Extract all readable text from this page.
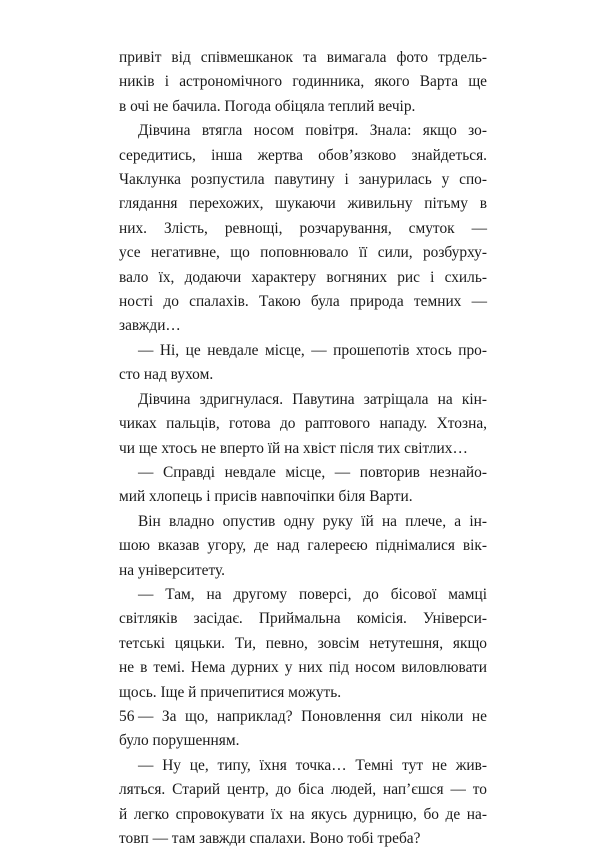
привіт від співмешканок та вимагала фото трдель-
ників і астрономічного годинника, якого Варта ще
в очі не бачила. Погода обіцяла теплий вечір.
Дівчина втягла носом повітря. Знала: якщо зо-
середитись, інша жертва обов’язково знайдеться.
Чаклунка розпустила павутину і занурилась у спо-
глядання перехожих, шукаючи живильну пітьму в
них. Злість, ревнощі, розчарування, смуток —
усе негативне, що поповнювало її сили, розбурху-
вало їх, додаючи характеру вогняних рис і схиль-
ності до спалахів. Такою була природа темних —
завжди…
— Ні, це невдале місце, — прошепотів хтось про-
сто над вухом.
Дівчина здригнулася. Павутина затріщала на кін-
чиках пальців, готова до раптового нападу. Хтозна,
чи ще хтось не вперто їй на хвіст після тих світлих…
— Справді невдале місце, — повторив незнайо-
мий хлопець і присів навпочіпки біля Варти.
Він владно опустив одну руку їй на плече, а ін-
шою вказав угору, де над галереєю піднімалися вік-
на університету.
— Там, на другому поверсі, до бісової мамці
світляків засідає. Приймальна комісія. Універси-
тетські цяцьки. Ти, певно, зовсім нетутешня, якщо
не в темі. Нема дурних у них під носом виловлювати
щось. Іще й причепитися можуть.
— За що, наприклад? Поновлення сил ніколи не
було порушенням.
— Ну це, типу, їхня точка… Темні тут не жив-
ляться. Старий центр, до біса людей, нап’єшся — то
й легко спровокувати їх на якусь дурницю, бо де на-
товп — там завжди спалахи. Воно тобі треба?
56
